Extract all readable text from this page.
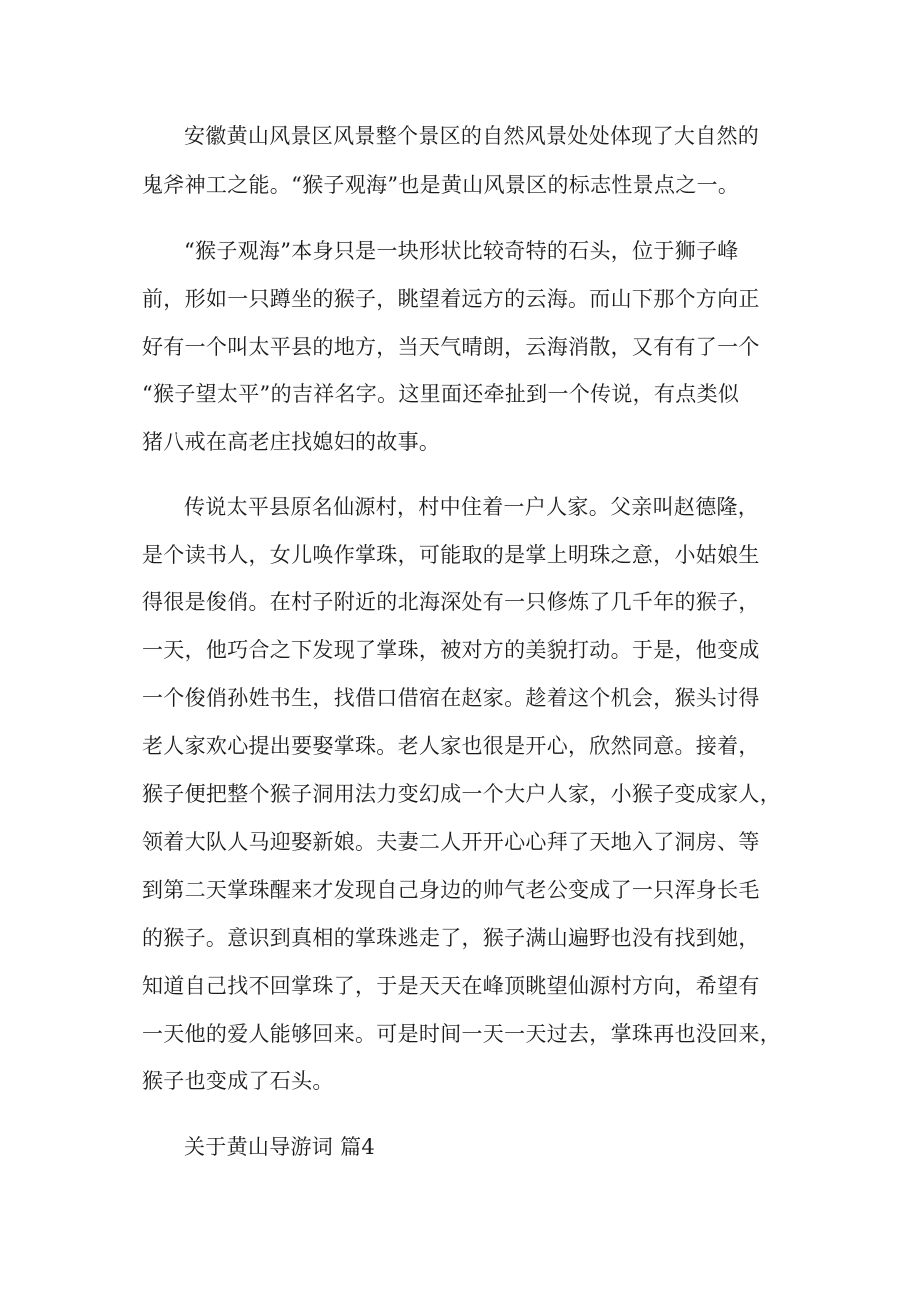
安徽黄山风景区风景整个景区的自然风景处处体现了大自然的

鬼斧神工之能。“猴子观海”也是黄山风景区的标志性景点之一。

“猴子观海”本身只是一块形状比较奇特的石头，位于狮子峰

前，形如一只蹲坐的猴子，眺望着远方的云海。而山下那个方向正

好有一个叫太平县的地方，当天气晴朗，云海消散，又有有了一个

“猴子望太平”的吉祥名字。这里面还牵扯到一个传说，有点类似

猪八戒在高老庄找媳妇的故事。

传说太平县原名仙源村，村中住着一户人家。父亲叫赵德隆，

是个读书人，女儿唤作掌珠，可能取的是掌上明珠之意，小姑娘生

得很是俊俏。在村子附近的北海深处有一只修炼了几千年的猴子，

一天，他巧合之下发现了掌珠，被对方的美貌打动。于是，他变成

一个俊俏孙姓书生，找借口借宿在赵家。趁着这个机会，猴头讨得

老人家欢心提出要娶掌珠。老人家也很是开心，欣然同意。接着，

猴子便把整个猴子洞用法力变幻成一个大户人家，小猴子变成家人，

领着大队人马迎娶新娘。夫妻二人开开心心拜了天地入了洞房、等

到第二天掌珠醒来才发现自己身边的帅气老公变成了一只浑身长毛

的猴子。意识到真相的掌珠逃走了，猴子满山遍野也没有找到她，

知道自己找不回掌珠了，于是天天在峰顶眺望仙源村方向，希望有

一天他的爱人能够回来。可是时间一天一天过去，掌珠再也没回来，

猴子也变成了石头。

关于黄山导游词 篇4
